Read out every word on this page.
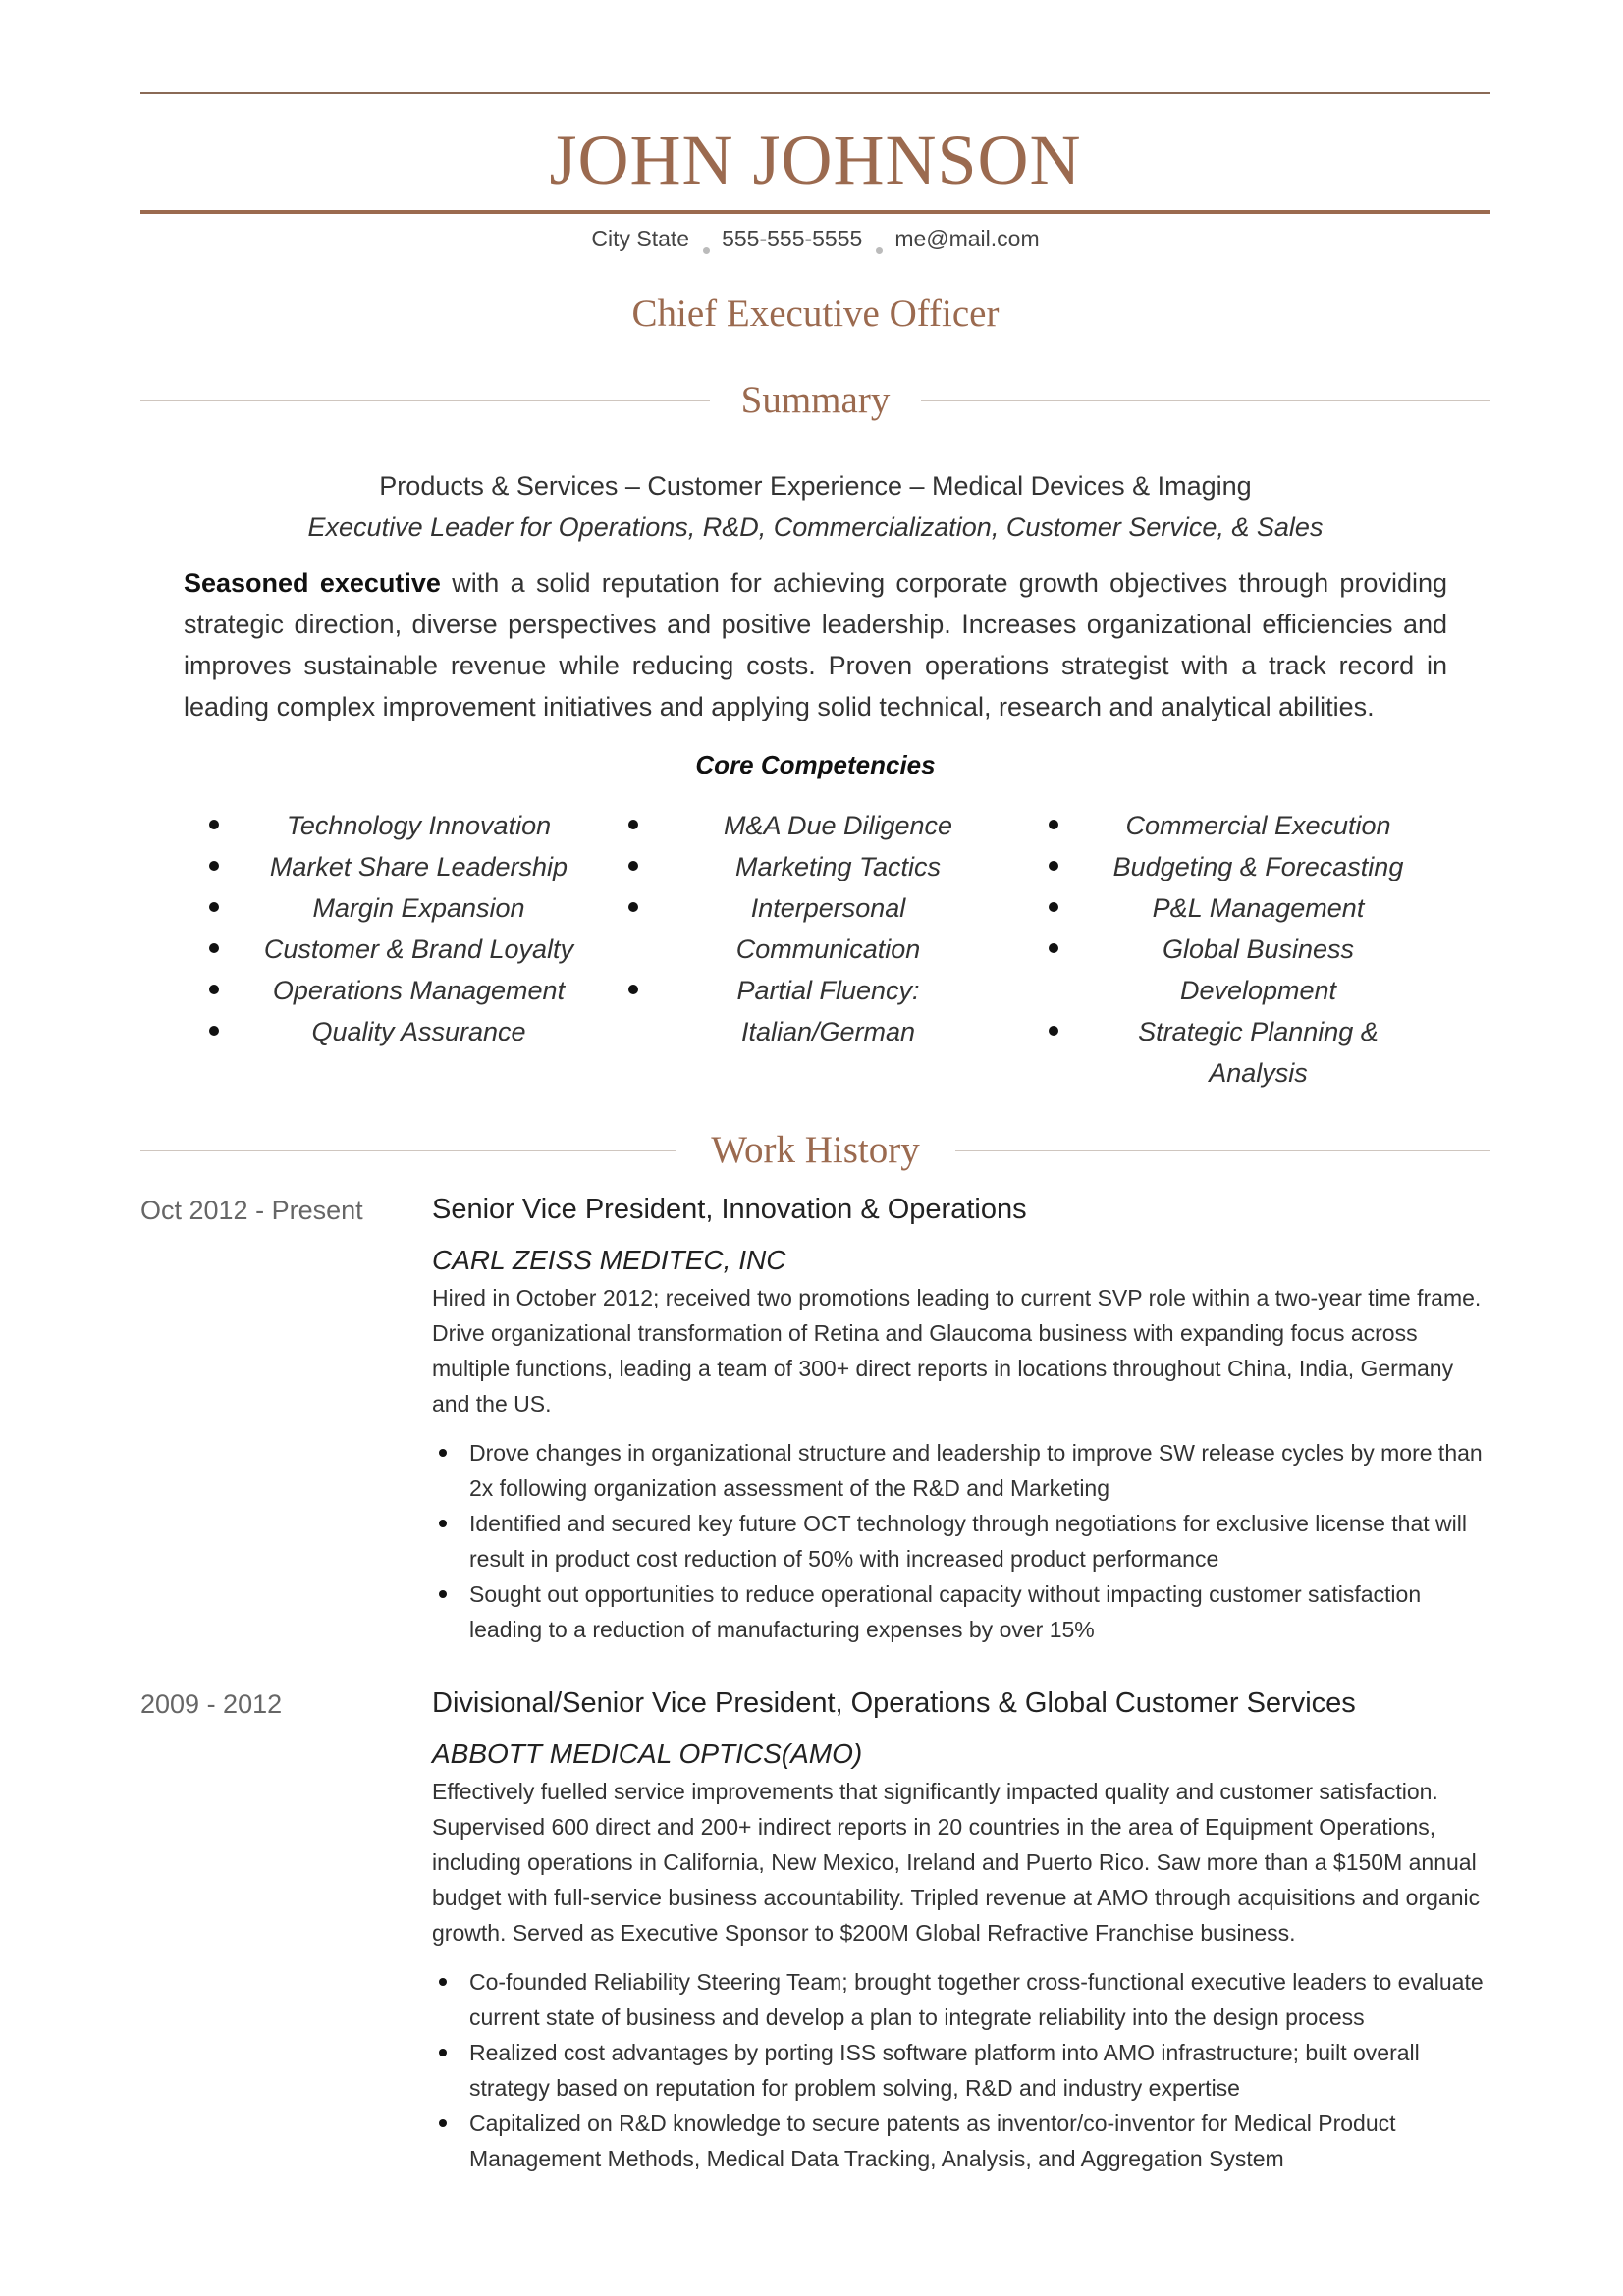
JOHN JOHNSON
City State 555-555-5555 me@mail.com
Chief Executive Officer
Summary
Products & Services – Customer Experience – Medical Devices & Imaging
Executive Leader for Operations, R&D, Commercialization, Customer Service, & Sales
Seasoned executive with a solid reputation for achieving corporate growth objectives through providing strategic direction, diverse perspectives and positive leadership. Increases organizational efficiencies and improves sustainable revenue while reducing costs. Proven operations strategist with a track record in leading complex improvement initiatives and applying solid technical, research and analytical abilities.
Core Competencies
Technology Innovation
Market Share Leadership
Margin Expansion
Customer & Brand Loyalty
Operations Management
Quality Assurance
M&A Due Diligence
Marketing Tactics
Interpersonal Communication
Partial Fluency: Italian/German
Commercial Execution
Budgeting & Forecasting
P&L Management
Global Business Development
Strategic Planning & Analysis
Work History
Oct 2012 - Present Senior Vice President, Innovation & Operations
CARL ZEISS MEDITEC, INC
Hired in October 2012; received two promotions leading to current SVP role within a two-year time frame. Drive organizational transformation of Retina and Glaucoma business with expanding focus across multiple functions, leading a team of 300+ direct reports in locations throughout China, India, Germany and the US.
Drove changes in organizational structure and leadership to improve SW release cycles by more than 2x following organization assessment of the R&D and Marketing
Identified and secured key future OCT technology through negotiations for exclusive license that will result in product cost reduction of 50% with increased product performance
Sought out opportunities to reduce operational capacity without impacting customer satisfaction leading to a reduction of manufacturing expenses by over 15%
2009 - 2012	Divisional/Senior Vice President, Operations & Global Customer Services
ABBOTT MEDICAL OPTICS(AMO)
Effectively fuelled service improvements that significantly impacted quality and customer satisfaction. Supervised 600 direct and 200+ indirect reports in 20 countries in the area of Equipment Operations, including operations in California, New Mexico, Ireland and Puerto Rico. Saw more than a $150M annual budget with full-service business accountability. Tripled revenue at AMO through acquisitions and organic growth. Served as Executive Sponsor to $200M Global Refractive Franchise business.
Co-founded Reliability Steering Team; brought together cross-functional executive leaders to evaluate current state of business and develop a plan to integrate reliability into the design process
Realized cost advantages by porting ISS software platform into AMO infrastructure; built overall strategy based on reputation for problem solving, R&D and industry expertise
Capitalized on R&D knowledge to secure patents as inventor/co-inventor for Medical Product Management Methods, Medical Data Tracking, Analysis, and Aggregation System
